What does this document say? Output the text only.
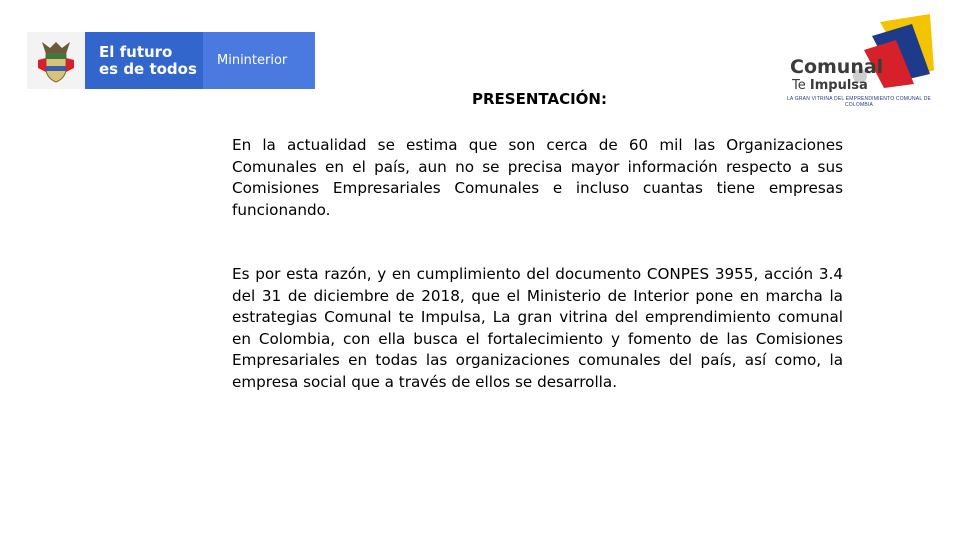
El futuro
es de todos	Mininterior	Comunal
Te Impulsa
LA GRAN VITRINA DEL EMPRENDIMIENTO COMUNAL DE COLOMBIA
PRESENTACIÓN:

En la actualidad se estima que son cerca de 60 mil las Organizaciones Comunales en el país, aun no se precisa mayor información respecto a sus Comisiones Empresariales Comunales e incluso cuantas tiene empresas funcionando.

Es por esta razón, y en cumplimiento del documento CONPES 3955, acción 3.4 del 31 de diciembre de 2018, que el Ministerio de Interior pone en marcha la estrategias Comunal te Impulsa, La gran vitrina del emprendimiento comunal en Colombia, con ella busca el fortalecimiento y fomento de las Comisiones Empresariales en todas las organizaciones comunales del país, así como, la empresa social que a través de ellos se desarrolla.
